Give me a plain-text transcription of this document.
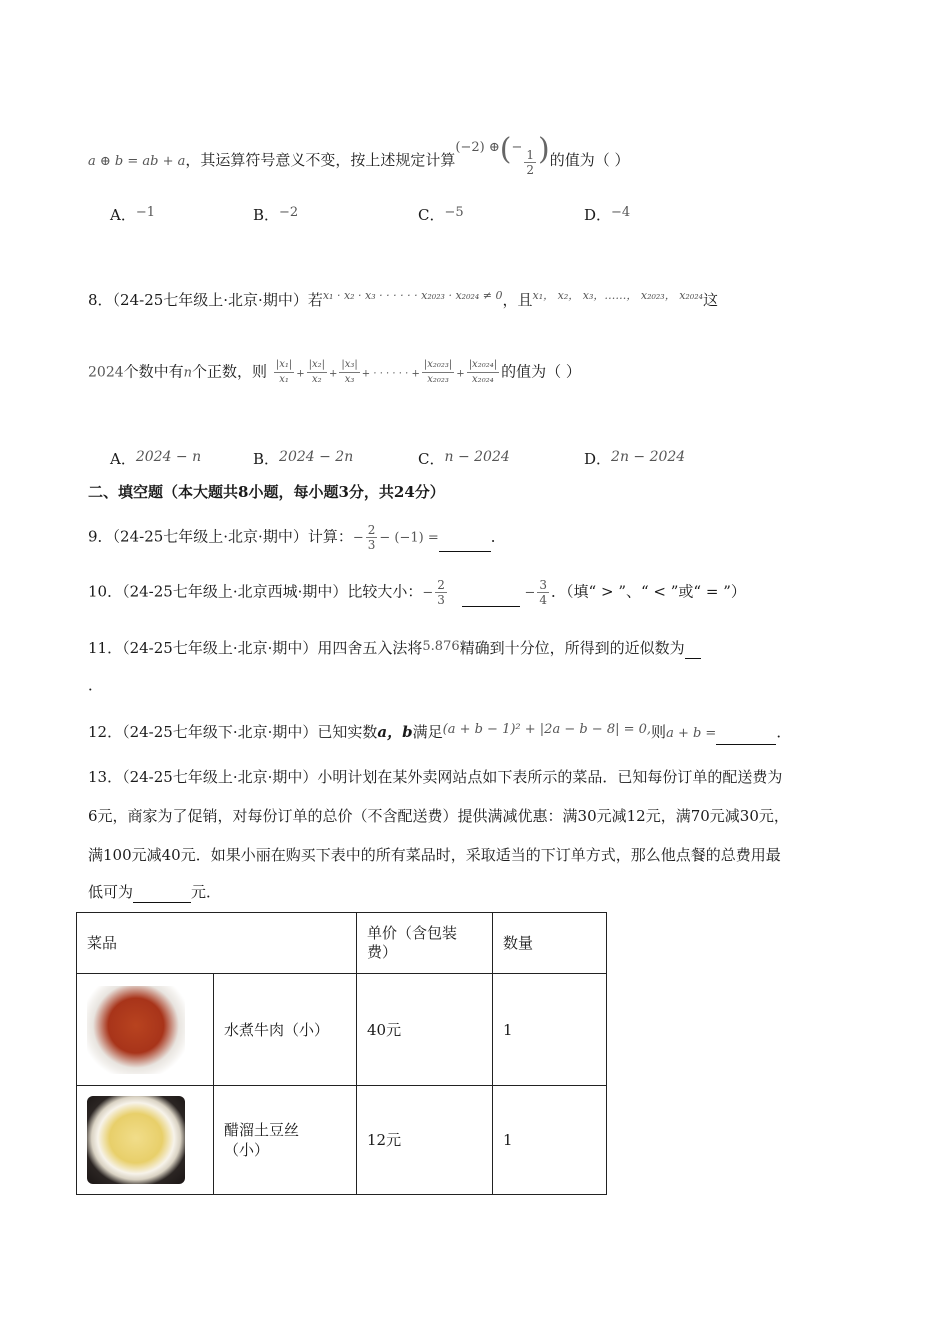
a ⊕ b = ab + a，其运算符号意义不变，按上述规定计算(−2) ⊕(−
$\frac{1}{2}$ )的值为（ ）
A．−1	B．−2	C．−5	D．−4
8．（24-25七年级上·北京·期中）若$^{x_1 \cdot x_2 \cdot x_3 \cdot \cdot \cdot \cdot \cdot \cdot x_{2023} \cdot x_{2024} \ne 0}$，且$^{x_1, x_2, x_3,\dots\dots, x_{2023}, x_{2024}}$这
2024个数中有n个正数，则 $\frac{\text{|x₁|}}{\text{x₁}} + \frac{\text{|x₂|}}{\text{x₂}} + \frac{\text{|x₃|}}{\text{x₃}}$ + · · · · · · + $\frac{\text{|x₂₀₂₃|}}{\text{x₂₀₂₃}} + \frac{\text{|x₂₀₂₄|}}{\text{x₂₀₂₄}}$ 的值为（ ）
A．2024 − n	B．2024 − 2n	C．n − 2024	D．2n − 2024
二、填空题（本大题共8小题，每小题3分，共24分）
9．（24-25七年级上·北京·期中）计算：− $\frac{2}{3} - (-1)$ =	．
10．（24-25七年级上·北京西城·期中）比较大小：− $\frac{2}{3}$	− $\frac{3}{4}$ ．（填“ > ”、“ < ”或“ = ”）
11．（24-25七年级上·北京·期中）用四舍五入法将5.876精确到十分位，所得到的近似数为
．
12．（24-25七年级下·北京·期中）已知实数a，b满足(a + b − 1)² + |2a − b − 8| = 0,则a + b =	．
13．（24-25七年级上·北京·期中）小明计划在某外卖网站点如下表所示的菜品．已知每份订单的配送费为
6元，商家为了促销，对每份订单的总价（不含配送费）提供满减优惠：满30元减12元，满70元减30元，
满100元减40元．如果小丽在购买下表中的所有菜品时，采取适当的下订单方式，那么他点餐的总费用最
低可为	元．
菜品		单价（含包装
费）	数量

	水煮牛肉（小）	40元	1

	醋溜土豆丝
（小）	12元	1
